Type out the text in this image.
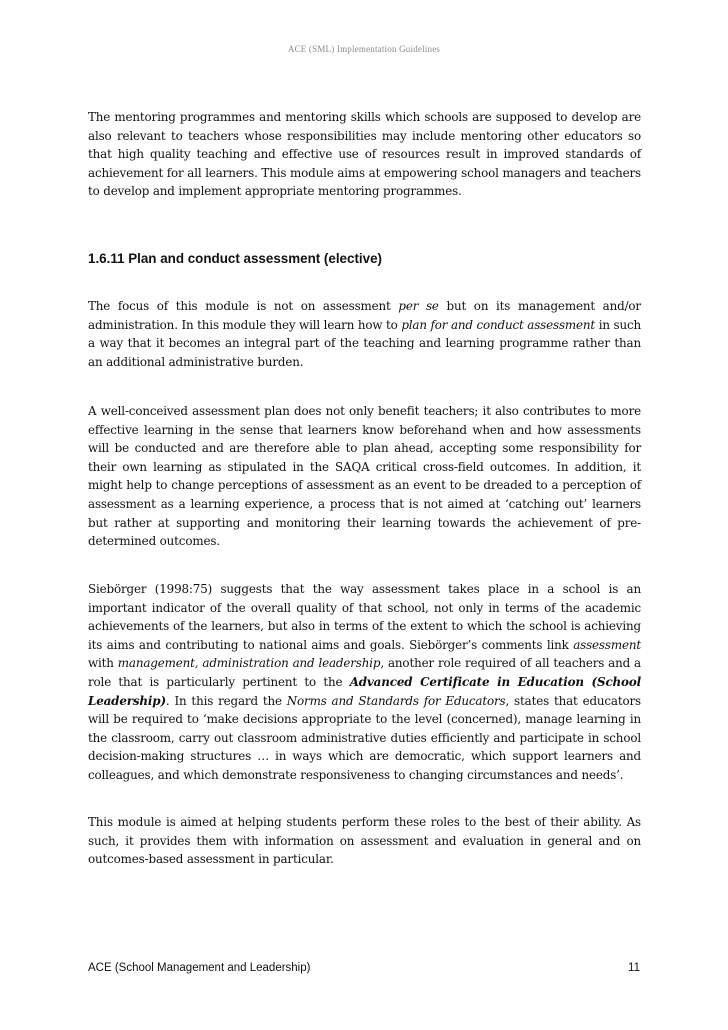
ACE (SML) Implementation Guidelines

The mentoring programmes and mentoring skills which schools are supposed to develop are also relevant to teachers whose responsibilities may include mentoring other educators so that high quality teaching and effective use of resources result in improved standards of achievement for all learners. This module aims at empowering school managers and teachers to develop and implement appropriate mentoring programmes.

1.6.11 Plan and conduct assessment (elective)

The focus of this module is not on assessment per se but on its management and/or administration. In this module they will learn how to plan for and conduct assessment in such a way that it becomes an integral part of the teaching and learning programme rather than an additional administrative burden.

A well-conceived assessment plan does not only benefit teachers; it also contributes to more effective learning in the sense that learners know beforehand when and how assessments will be conducted and are therefore able to plan ahead, accepting some responsibility for their own learning as stipulated in the SAQA critical cross-field outcomes. In addition, it might help to change perceptions of assessment as an event to be dreaded to a perception of assessment as a learning experience, a process that is not aimed at ‘catching out’ learners but rather at supporting and monitoring their learning towards the achievement of pre-determined outcomes.

Siebörger (1998:75) suggests that the way assessment takes place in a school is an important indicator of the overall quality of that school, not only in terms of the academic achievements of the learners, but also in terms of the extent to which the school is achieving its aims and contributing to national aims and goals. Siebörger’s comments link assessment with management, administration and leadership, another role required of all teachers and a role that is particularly pertinent to the Advanced Certificate in Education (School Leadership). In this regard the Norms and Standards for Educators, states that educators will be required to ‘make decisions appropriate to the level (concerned), manage learning in the classroom, carry out classroom administrative duties efficiently and participate in school decision-making structures … in ways which are democratic, which support learners and colleagues, and which demonstrate responsiveness to changing circumstances and needs’.

This module is aimed at helping students perform these roles to the best of their ability. As such, it provides them with information on assessment and evaluation in general and on outcomes-based assessment in particular.

ACE (School Management and Leadership)	11
